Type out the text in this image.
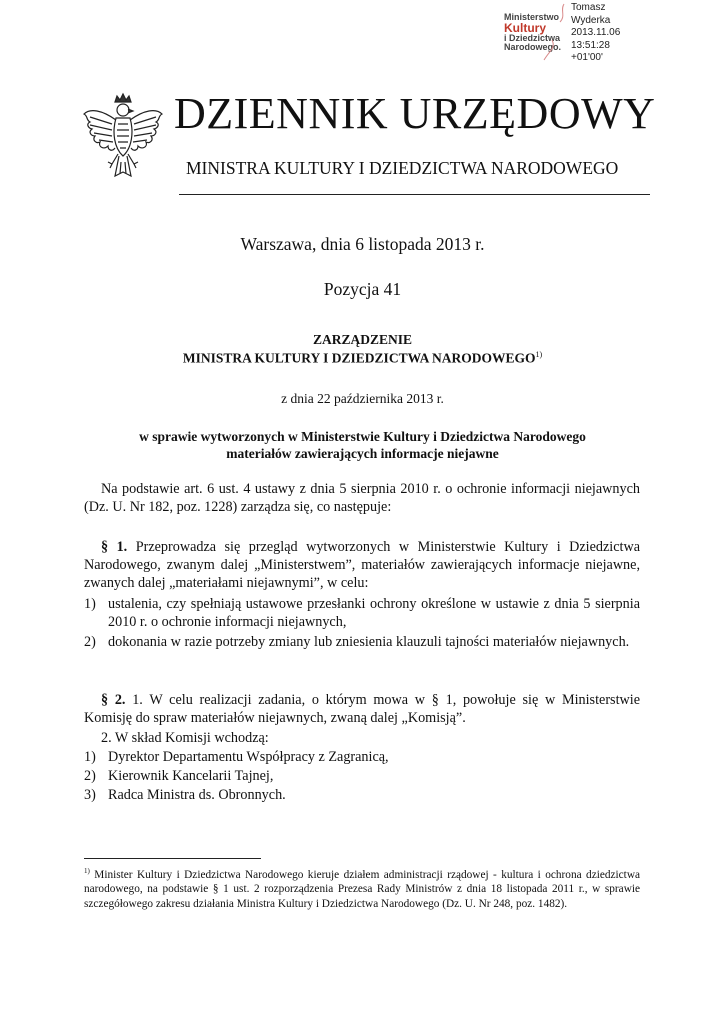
Ministerstwo
Kultury
i Dziedzictwa
Narodowego.
Tomasz
Wyderka
2013.11.06
13:51:28
+01'00'
DZIENNIK URZĘDOWY
MINISTRA KULTURY I DZIEDZICTWA NARODOWEGO
Warszawa, dnia 6 listopada 2013 r.
Pozycja 41
ZARZĄDZENIE
MINISTRA KULTURY I DZIEDZICTWA NARODOWEGO$^{1)}$
z dnia 22 października 2013 r.
w sprawie wytworzonych w Ministerstwie Kultury i Dziedzictwa Narodowego
materiałów zawierających informacje niejawne
Na podstawie art. 6 ust. 4 ustawy z dnia 5 sierpnia 2010 r. o ochronie informacji niejawnych (Dz. U. Nr 182, poz. 1228) zarządza się, co następuje:
§ 1. Przeprowadza się przegląd wytworzonych w Ministerstwie Kultury i Dziedzictwa Narodowego, zwanym dalej „Ministerstwem”, materiałów zawierających informacje niejawne, zwanych dalej „materiałami niejawnymi”, w celu:
1) ustalenia, czy spełniają ustawowe przesłanki ochrony określone w ustawie z dnia 5 sierpnia 2010 r. o ochronie informacji niejawnych,
2) dokonania w razie potrzeby zmiany lub zniesienia klauzuli tajności materiałów niejawnych.
§ 2. 1. W celu realizacji zadania, o którym mowa w § 1, powołuje się w Ministerstwie Komisję do spraw materiałów niejawnych, zwaną dalej „Komisją”.
2. W skład Komisji wchodzą:
1) Dyrektor Departamentu Współpracy z Zagranicą,
2) Kierownik Kancelarii Tajnej,
3) Radca Ministra ds. Obronnych.
$^{1)}$ Minister Kultury i Dziedzictwa Narodowego kieruje działem administracji rządowej - kultura i ochrona dziedzictwa narodowego, na podstawie § 1 ust. 2 rozporządzenia Prezesa Rady Ministrów z dnia 18 listopada 2011 r., w sprawie szczegółowego zakresu działania Ministra Kultury i Dziedzictwa Narodowego (Dz. U. Nr 248, poz. 1482).
